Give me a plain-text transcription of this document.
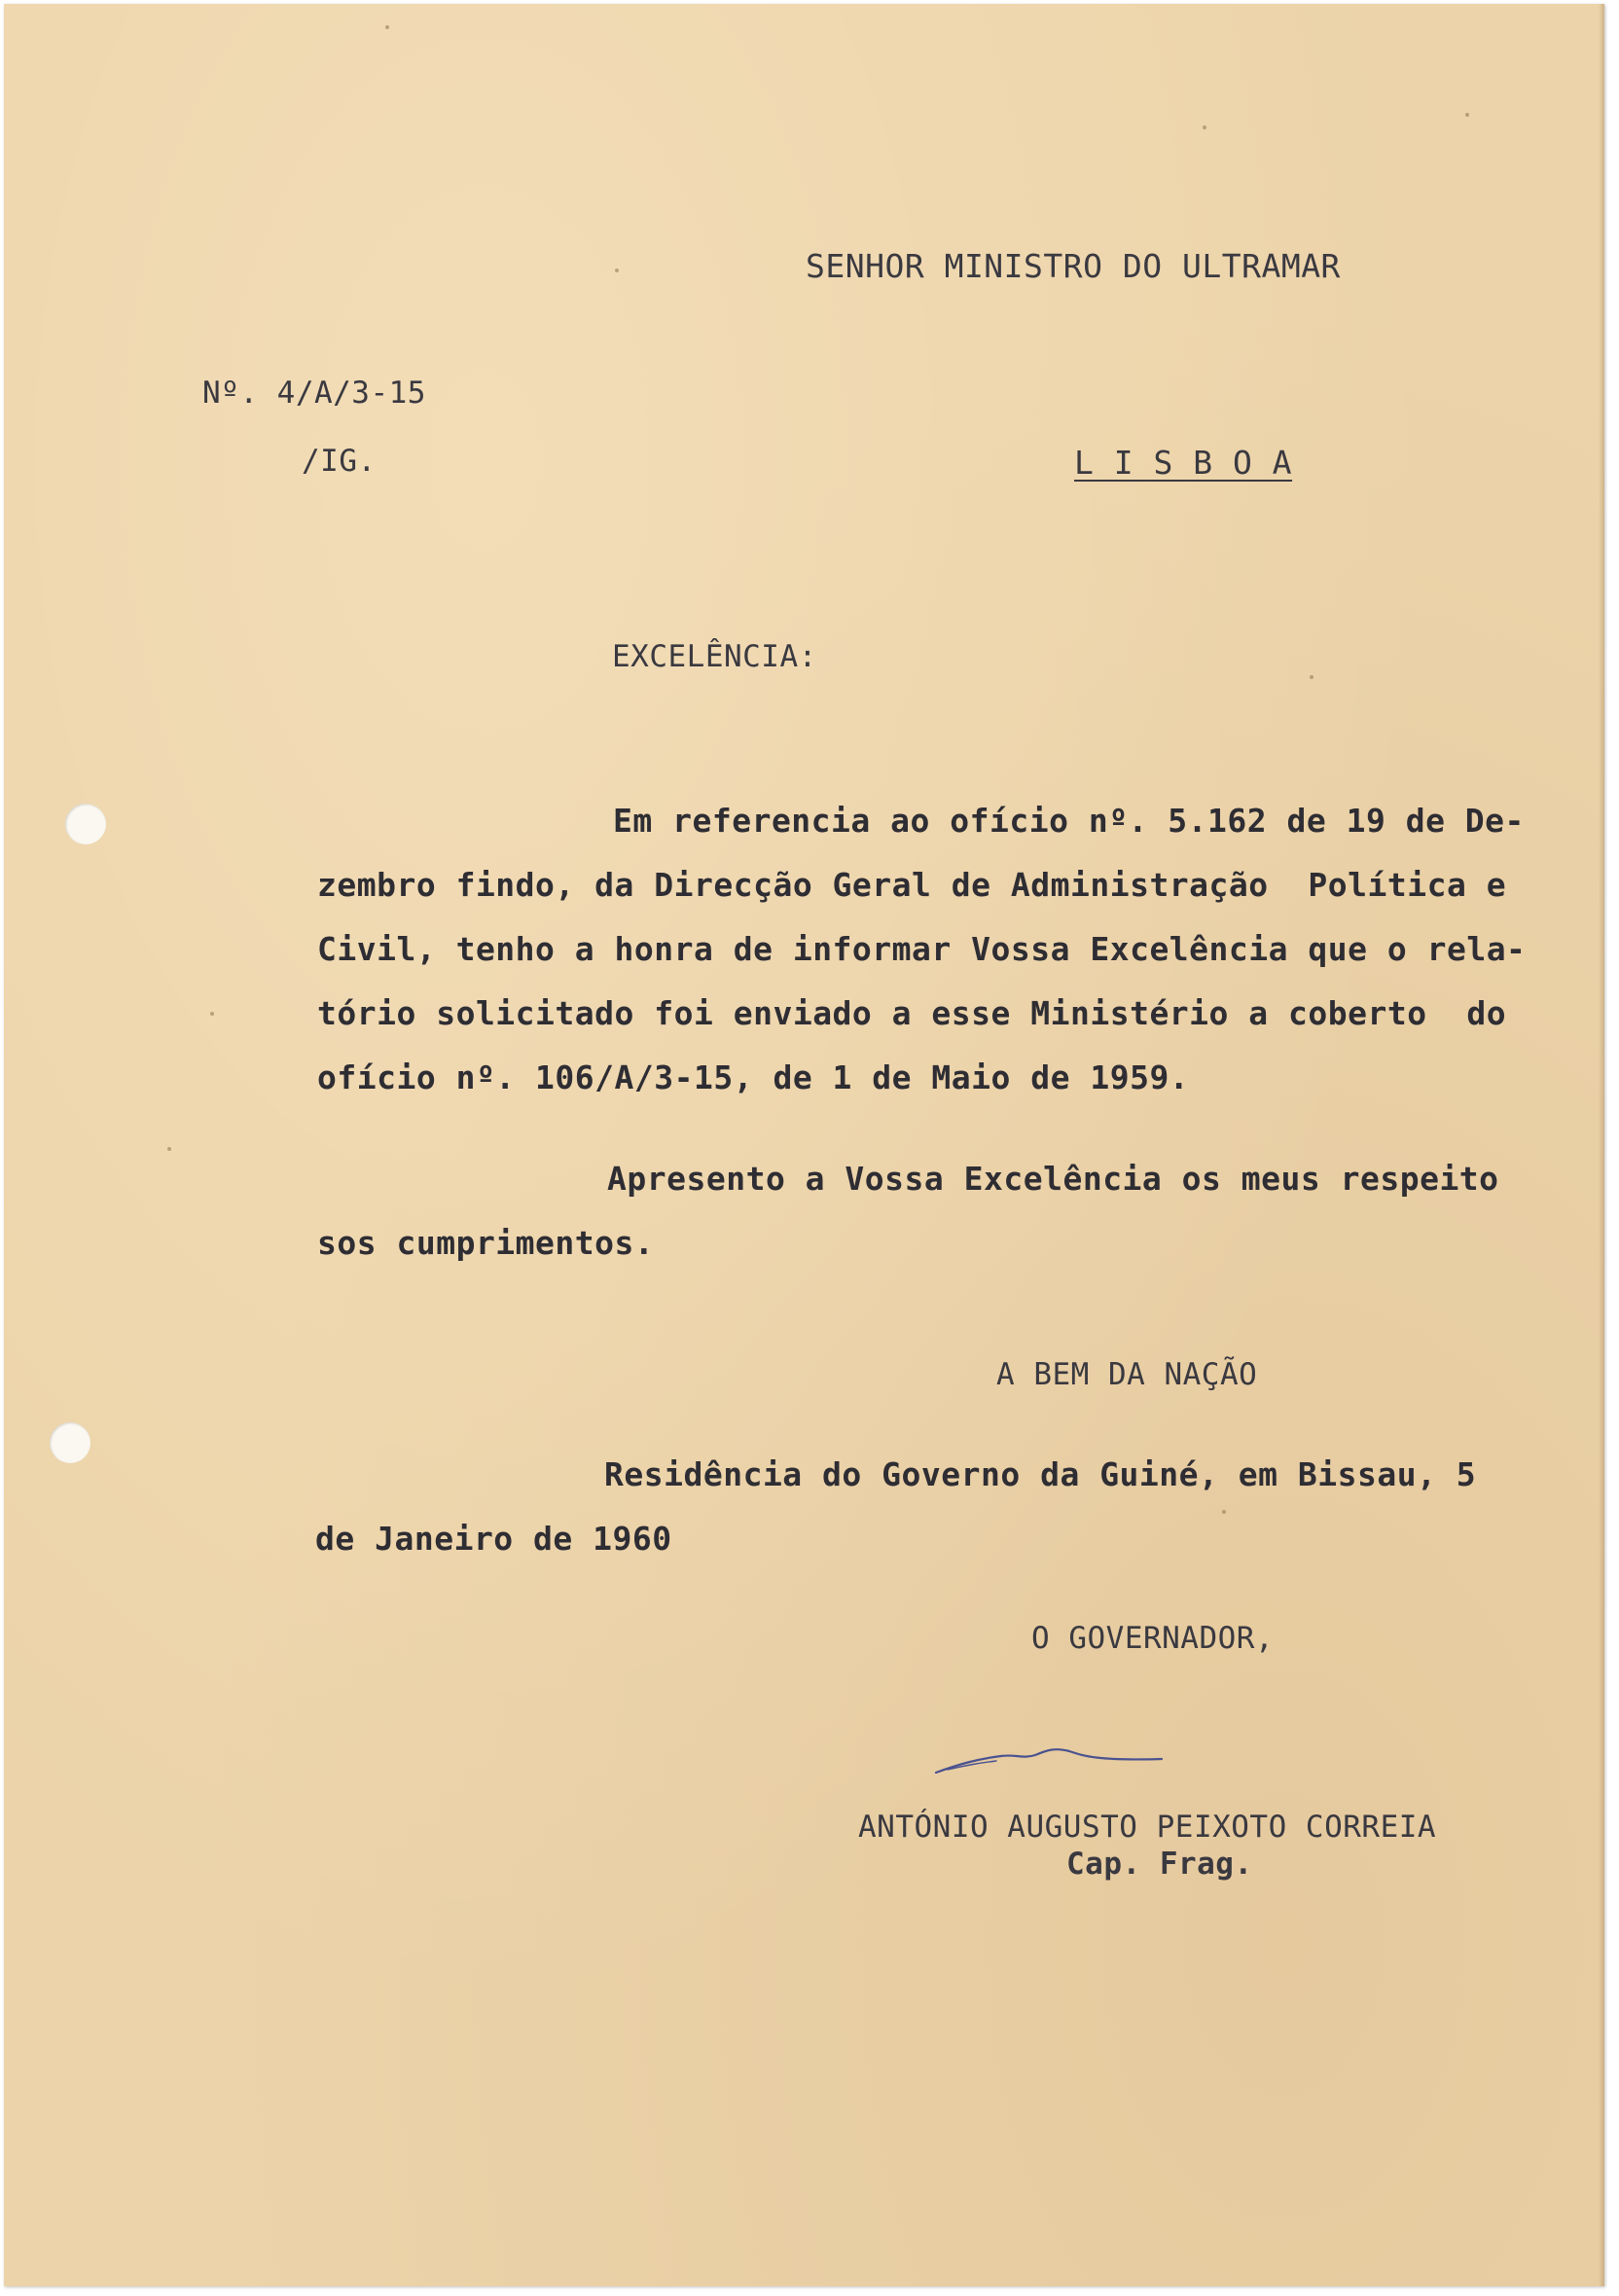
SENHOR MINISTRO DO ULTRAMAR
Nº. 4/A/3-15
/IG.	L I S B O A
EXCELÊNCIA:
Em referencia ao ofício nº. 5.162 de 19 de De-
zembro findo, da Direcção Geral de Administração  Política e
Civil, tenho a honra de informar Vossa Excelência que o rela-
tório solicitado foi enviado a esse Ministério a coberto  do
ofício nº. 106/A/3-15, de 1 de Maio de 1959.
Apresento a Vossa Excelência os meus respeito
sos cumprimentos.
A BEM DA NAÇÃO
Residência do Governo da Guiné, em Bissau, 5
de Janeiro de 1960
O GOVERNADOR,
ANTÓNIO AUGUSTO PEIXOTO CORREIA
Cap. Frag.
